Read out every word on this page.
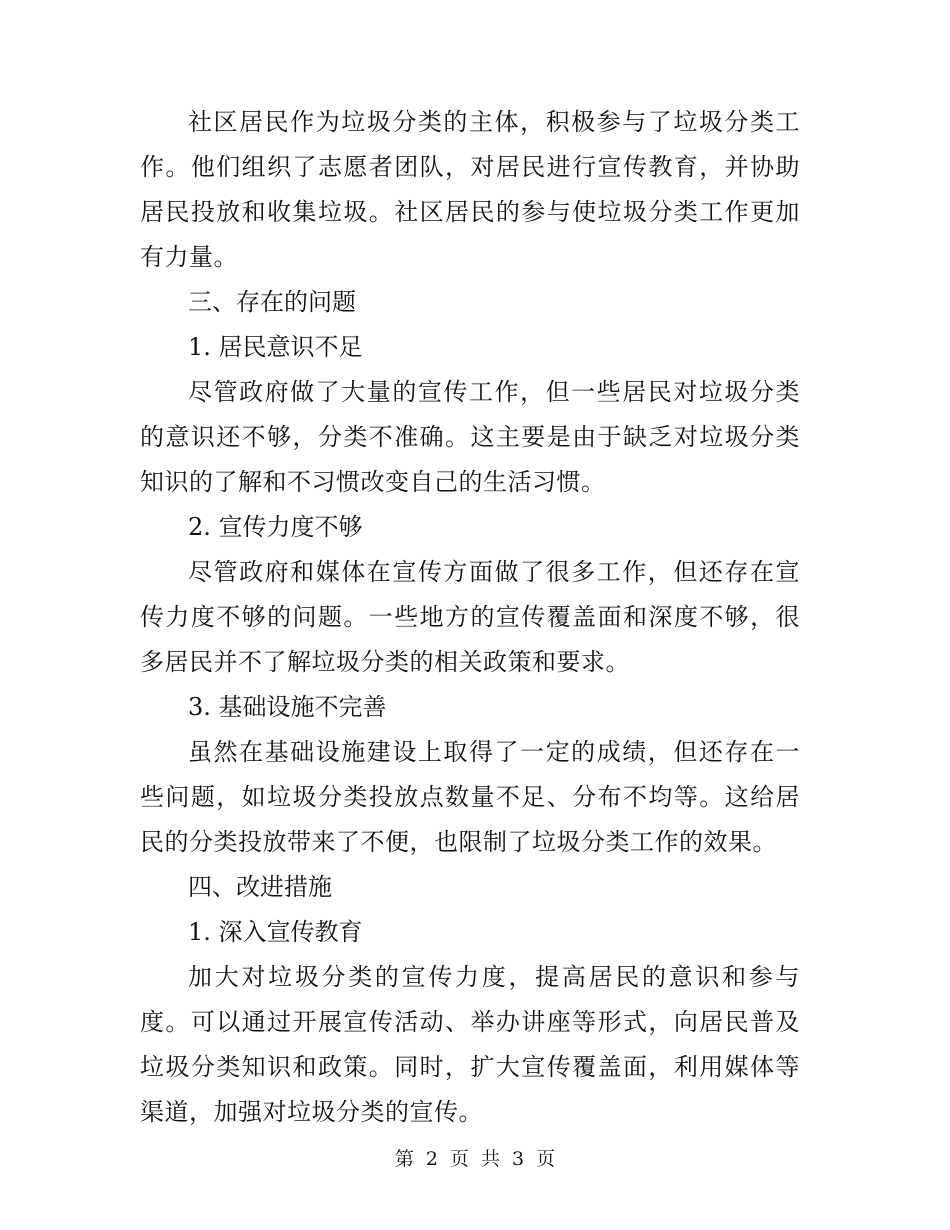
社区居民作为垃圾分类的主体，积极参与了垃圾分类工作。他们组织了志愿者团队，对居民进行宣传教育，并协助居民投放和收集垃圾。社区居民的参与使垃圾分类工作更加有力量。

三、存在的问题

1. 居民意识不足

尽管政府做了大量的宣传工作，但一些居民对垃圾分类的意识还不够，分类不准确。这主要是由于缺乏对垃圾分类知识的了解和不习惯改变自己的生活习惯。

2. 宣传力度不够

尽管政府和媒体在宣传方面做了很多工作，但还存在宣传力度不够的问题。一些地方的宣传覆盖面和深度不够，很多居民并不了解垃圾分类的相关政策和要求。

3. 基础设施不完善

虽然在基础设施建设上取得了一定的成绩，但还存在一些问题，如垃圾分类投放点数量不足、分布不均等。这给居民的分类投放带来了不便，也限制了垃圾分类工作的效果。

四、改进措施

1. 深入宣传教育

加大对垃圾分类的宣传力度，提高居民的意识和参与度。可以通过开展宣传活动、举办讲座等形式，向居民普及垃圾分类知识和政策。同时，扩大宣传覆盖面，利用媒体等渠道，加强对垃圾分类的宣传。

第 2 页 共 3 页
